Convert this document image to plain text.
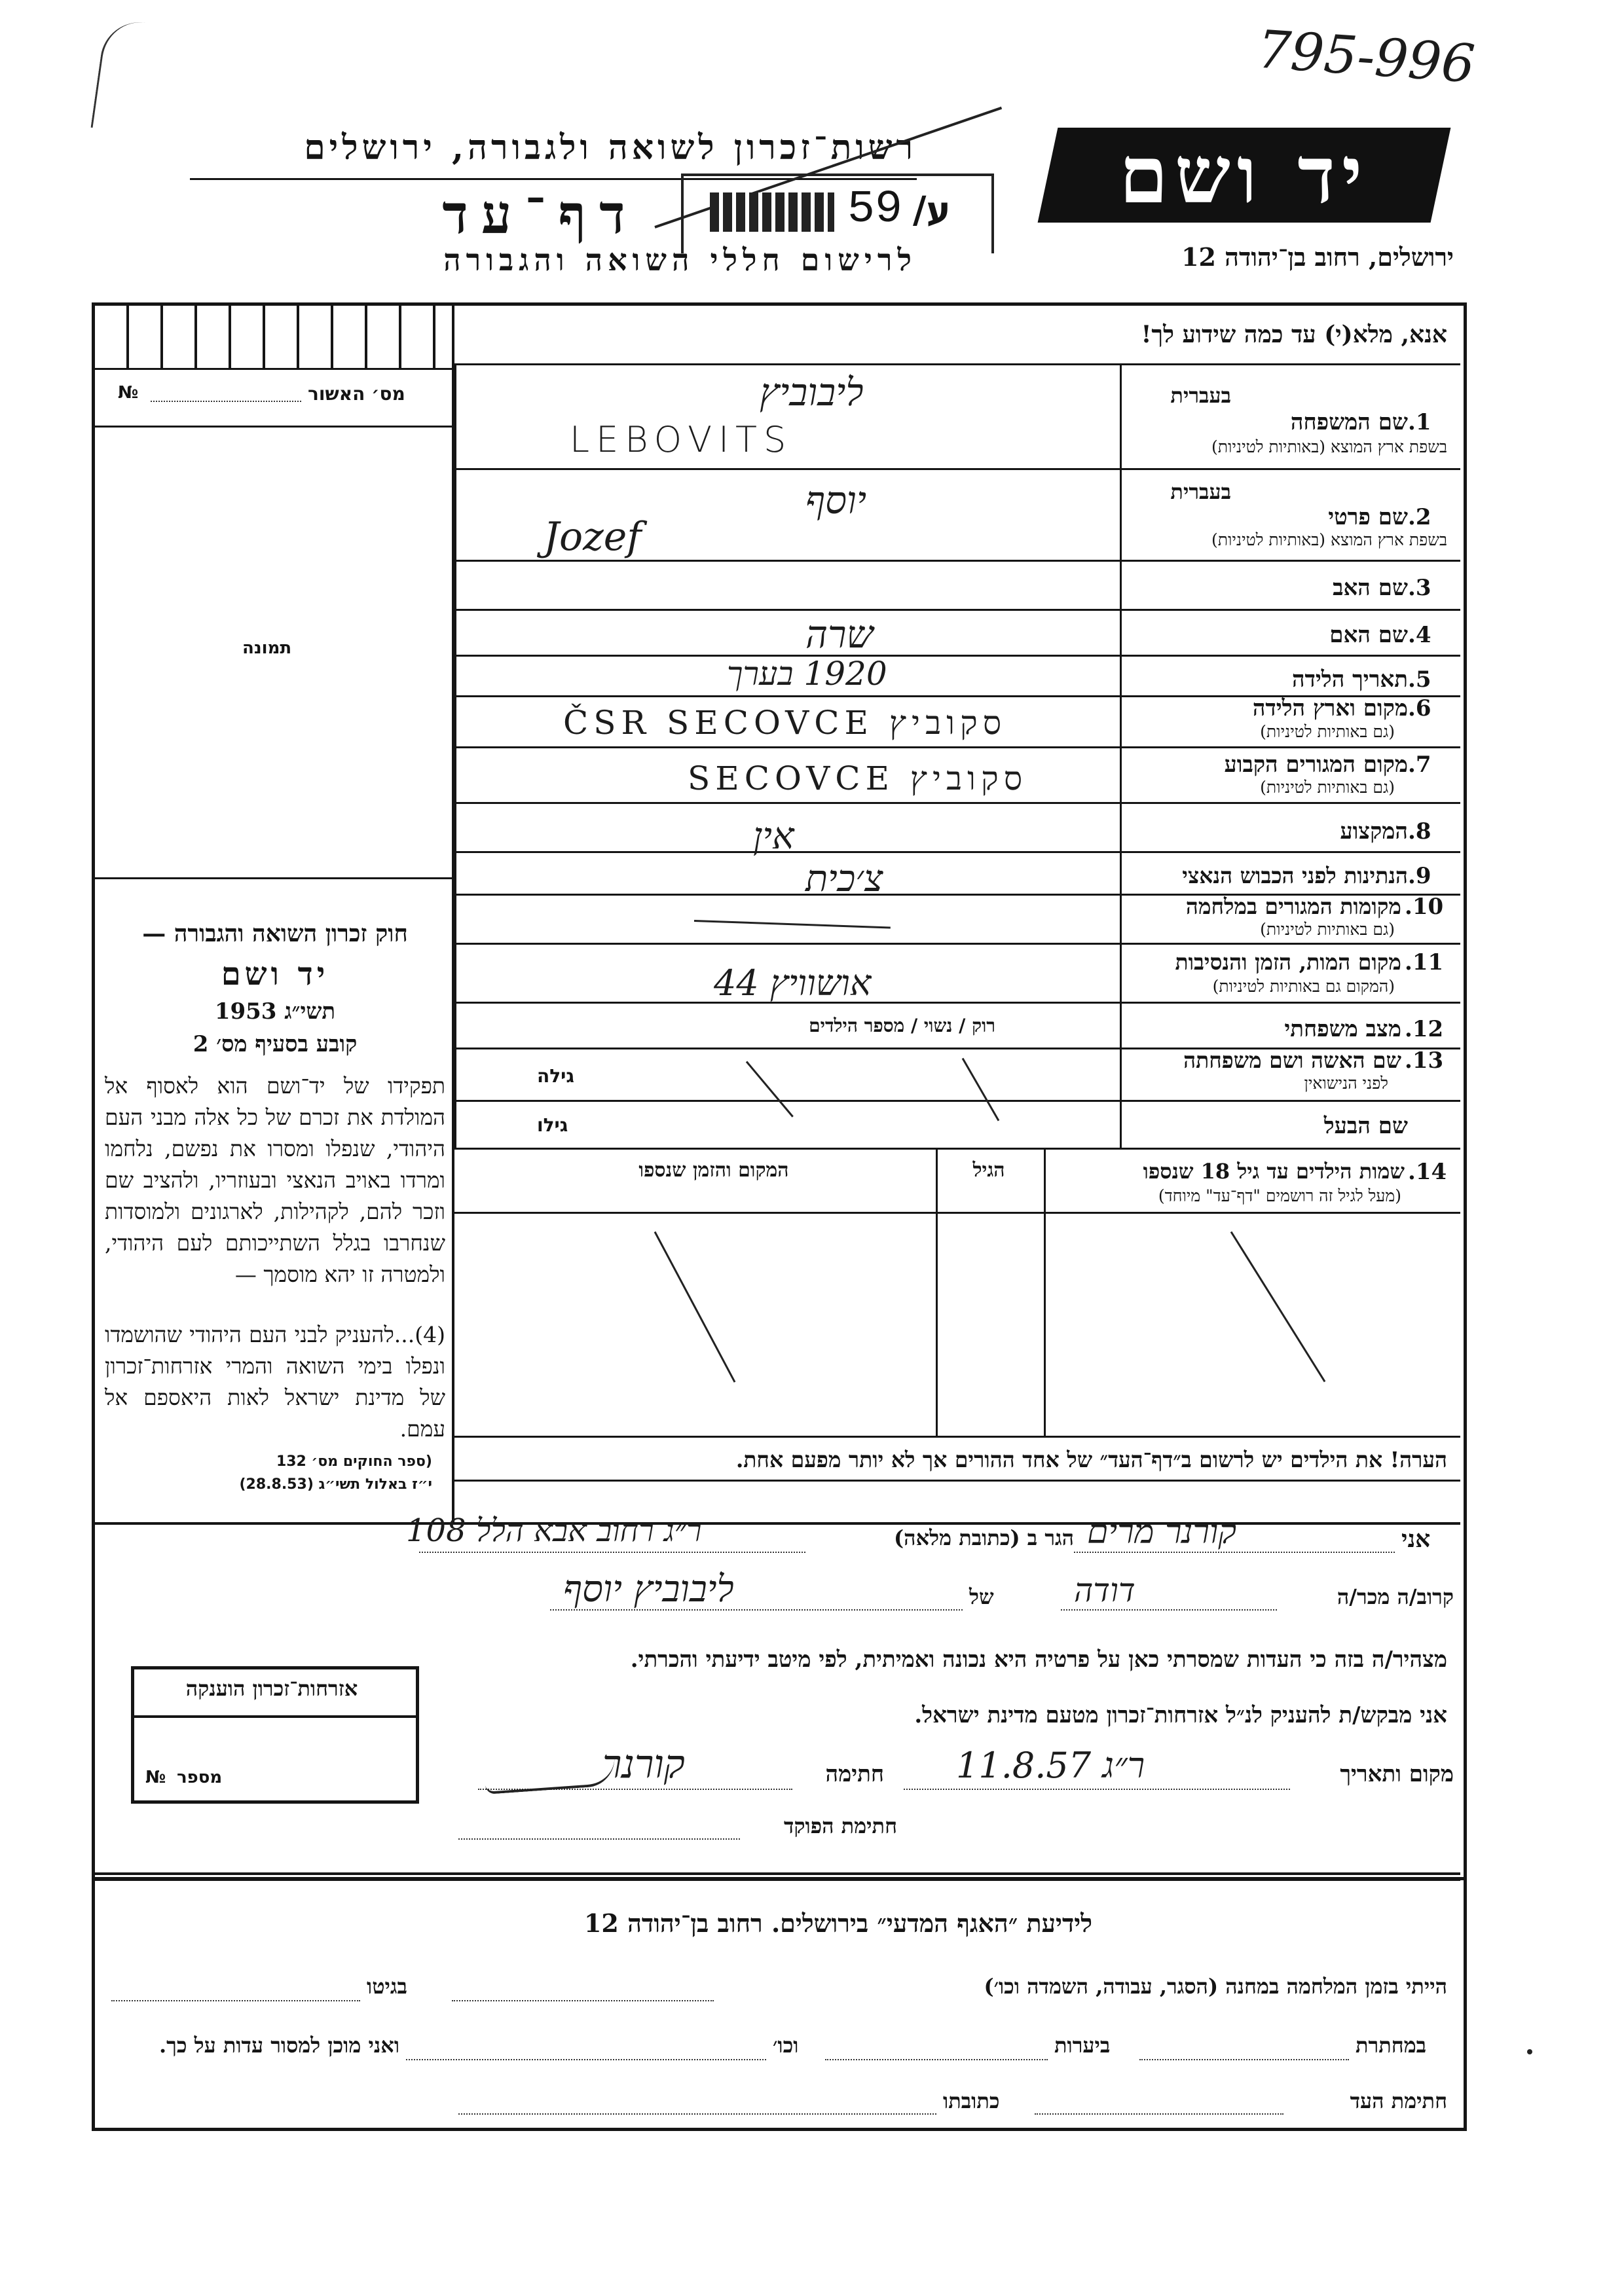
795-996
רשות־זכרון לשואה ולגבורה, ירושלים
דף־עד	59 ע/
לרישום חללי השואה והגבורה
יד ושם
ירושלים, רחוב בן־יהודה 12
אנא, מלא(י) עד כמה שידוע לך!
מס׳ האשור
№
תמונה
חוק זכרון השואה והגבורה —
יד ושם
תשי״ג 1953
קובע בסעיף מס׳ 2
תפקידו של יד־ושם הוא לאסוף אל המולדת את זכרם של כל אלה מבני העם היהודי, שנפלו ומסרו את נפשם, נלחמו ומרדו באויב הנאצי ובעוזריו, ולהציב שם וזכר להם, לקהילות, לארגונים ולמוסדות שנחרבו בגלל השתייכותם לעם היהודי, ולמטרה זו יהא מוסמך —
(4)...להעניק לבני העם היהודי שהושמדו ונפלו בימי השואה והמרי אזרחות־זכרון של מדינת ישראל לאות היאספם אל עמם.
(ספר החוקים מס׳ 132
י״ז באלול תשי״ג (28.8.53)
בעברית
שם המשפחה 1.
בשפת ארץ המוצא (באותיות לטיניות)
בעברית
שם פרטי 2.
בשפת ארץ המוצא (באותיות לטיניות)
שם האב 3.
שם האם 4.
תאריך הלידה 5.
מקום וארץ הלידה 6.
(גם באותיות לטיניות)
מקום המגורים הקבוע 7.
(גם באותיות לטיניות)
המקצוע 8.
הנתינות לפני הכבוש הנאצי 9.
מקומות המגורים במלחמה 10.
(גם באותיות לטיניות)
מקום המות, הזמן והנסיבות 11.
(המקום גם באותיות לטיניות)
מצב משפחתי 12.
שם האשה ושם משפחתה 13.
לפני הנישואין
שם הבעל
ליבוביץ
LEBOVITS
יוסף
Jozef
שרה
1920 בערך
ČSR SECOVCE סקוביץ
SECOVCE סקוביץ
אין
צ׳כית
אושוויץ 44
רוק / נשוי / מספר הילדים
גילה
גילו
14.
שמות הילדים עד גיל 18 שנספו
(מעל לגיל זה רושמים "דף־עד" מיוחד)
הגיל
המקום והזמן שנספו
הערה! את הילדים יש לרשום ב״דף־העד״ של אחד ההורים אך לא יותר מפעם אחת.
אני
קורנר מרים
הגר ב (כתובת מלאה)
ר״ג רחוב אבא הלל 108
קרוב/ה מכר/ה
דודה
של
ליבוביץ יוסף
מצהיר/ה בזה כי העדות שמסרתי כאן על פרטיה היא נכונה ואמיתית, לפי מיטב ידיעתי והכרתי.
אני מבקש/ת להעניק לנ״ל אזרחות־זכרון מטעם מדינת ישראל.
מקום ותאריך
ר״ג 11.8.57
חתימה
קורנר
חתימת הפוקד
אזרחות־זכרון הוענקה
מספר
№
לידיעת ״האגף המדעי״ בירושלים. רחוב בן־יהודה 12
הייתי בזמן המלחמה במחנה (הסגר, עבודה, השמדה וכו׳)
בגיטו
במחתרת
ביערות
וכו׳
ואני מוכן למסור עדות על כך.
חתימת העד
כתובתו
